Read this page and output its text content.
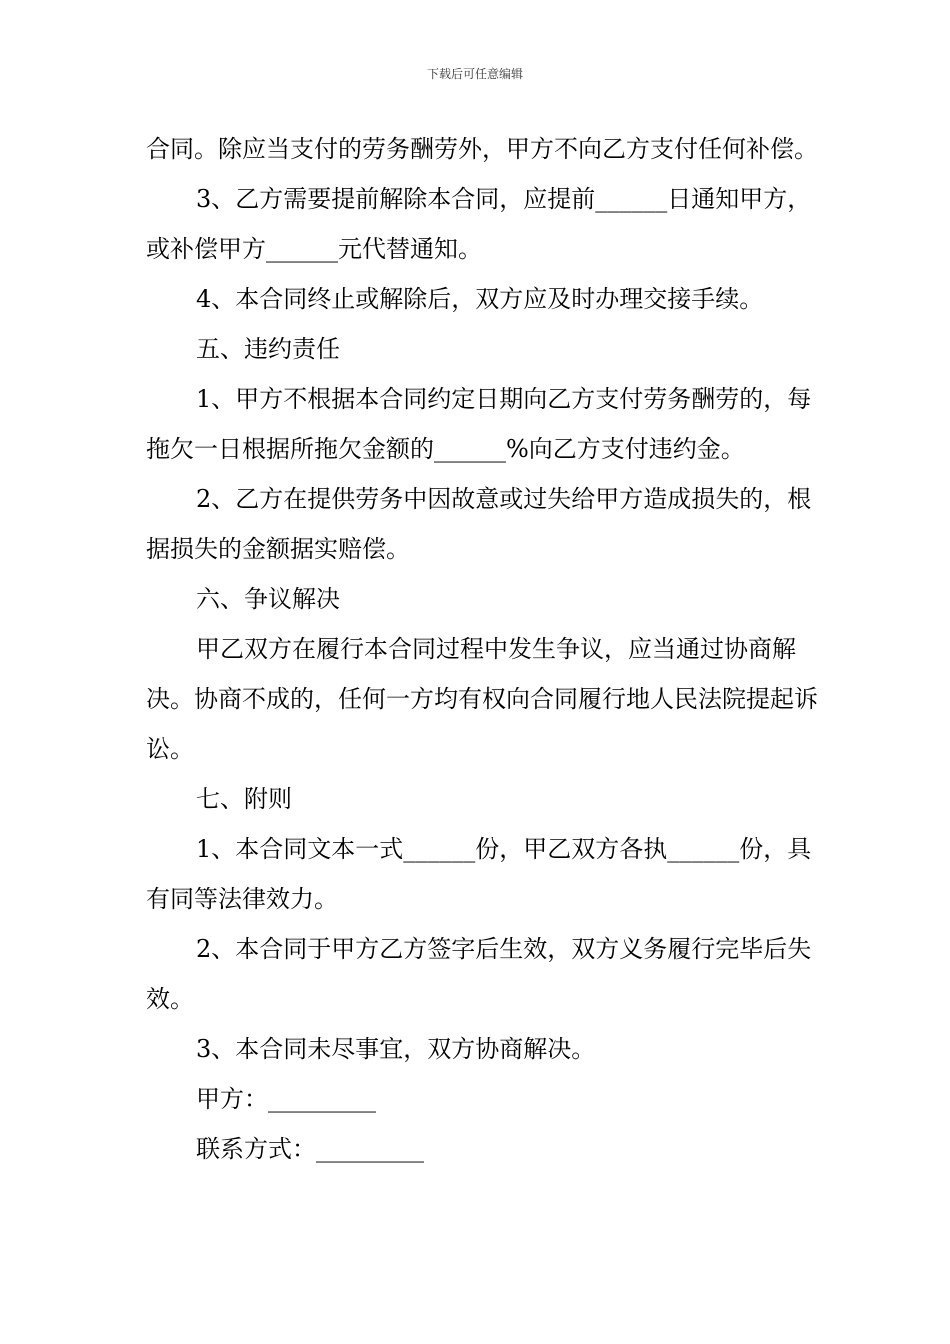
下载后可任意编辑

合同。除应当支付的劳务酬劳外，甲方不向乙方支付任何补偿。

3、乙方需要提前解除本合同，应提前______日通知甲方，或补偿甲方______元代替通知。

4、本合同终止或解除后，双方应及时办理交接手续。

五、违约责任

1、甲方不根据本合同约定日期向乙方支付劳务酬劳的，每拖欠一日根据所拖欠金额的______%向乙方支付违约金。

2、乙方在提供劳务中因故意或过失给甲方造成损失的，根据损失的金额据实赔偿。

六、争议解决

甲乙双方在履行本合同过程中发生争议，应当通过协商解决。协商不成的，任何一方均有权向合同履行地人民法院提起诉讼。

七、附则

1、本合同文本一式______份，甲乙双方各执______份，具有同等法律效力。

2、本合同于甲方乙方签字后生效，双方义务履行完毕后失效。

3、本合同未尽事宜，双方协商解决。

甲方：_________

联系方式：_________
